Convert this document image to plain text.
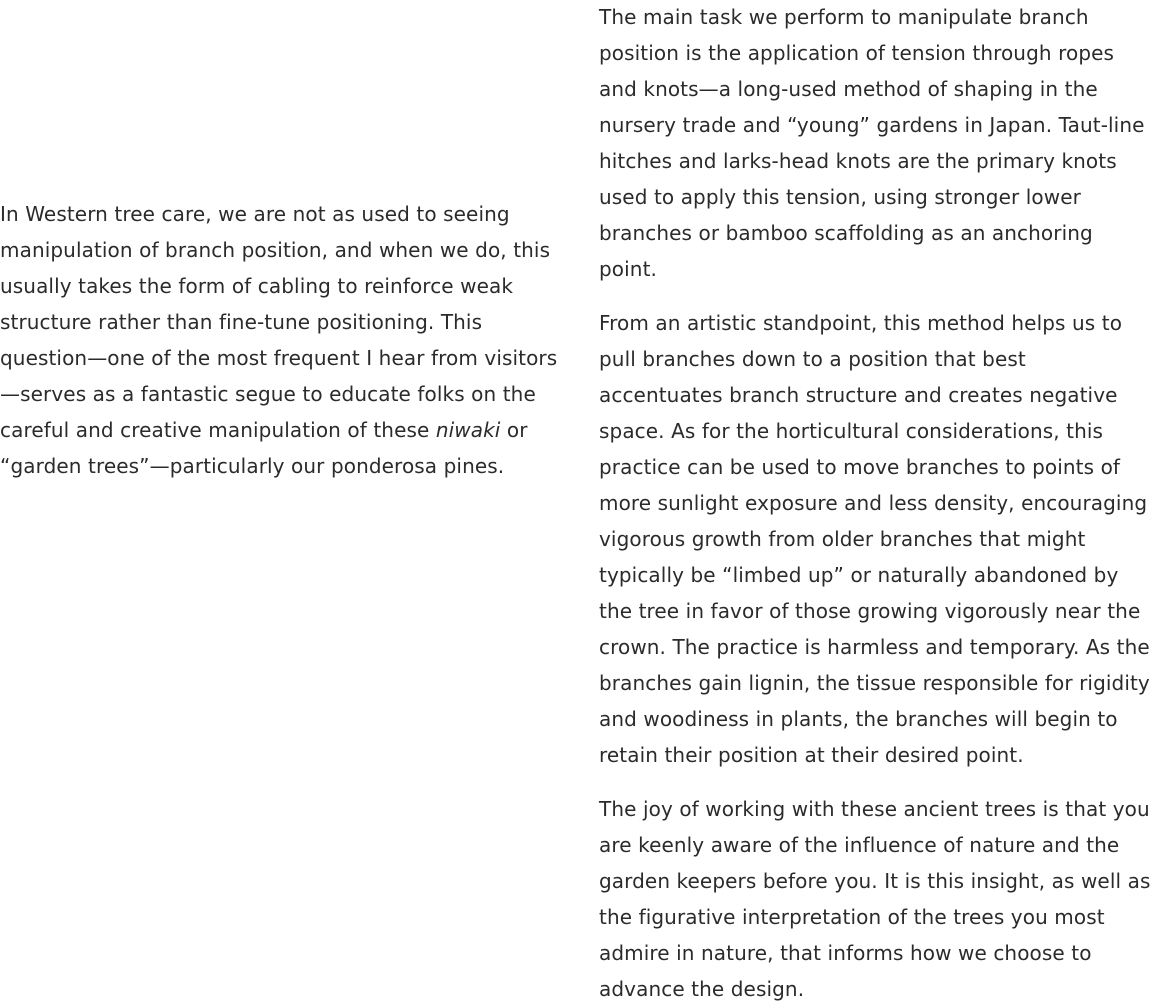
In Western tree care, we are not as used to seeing manipulation of branch position, and when we do, this usually takes the form of cabling to reinforce weak structure rather than fine-tune positioning. This question—one of the most frequent I hear from visitors—serves as a fantastic segue to educate folks on the careful and creative manipulation of these niwaki or “garden trees”—particularly our ponderosa pines.

The main task we perform to manipulate branch position is the application of tension through ropes and knots—a long-used method of shaping in the nursery trade and “young” gardens in Japan. Taut-line hitches and larks-head knots are the primary knots used to apply this tension, using stronger lower branches or bamboo scaffolding as an anchoring point.

From an artistic standpoint, this method helps us to pull branches down to a position that best accentuates branch structure and creates negative space. As for the horticultural considerations, this practice can be used to move branches to points of more sunlight exposure and less density, encouraging vigorous growth from older branches that might typically be “limbed up” or naturally abandoned by the tree in favor of those growing vigorously near the crown. The practice is harmless and temporary. As the branches gain lignin, the tissue responsible for rigidity and woodiness in plants, the branches will begin to retain their position at their desired point.

The joy of working with these ancient trees is that you are keenly aware of the influence of nature and the garden keepers before you. It is this insight, as well as the figurative interpretation of the trees you most admire in nature, that informs how we choose to advance the design.
